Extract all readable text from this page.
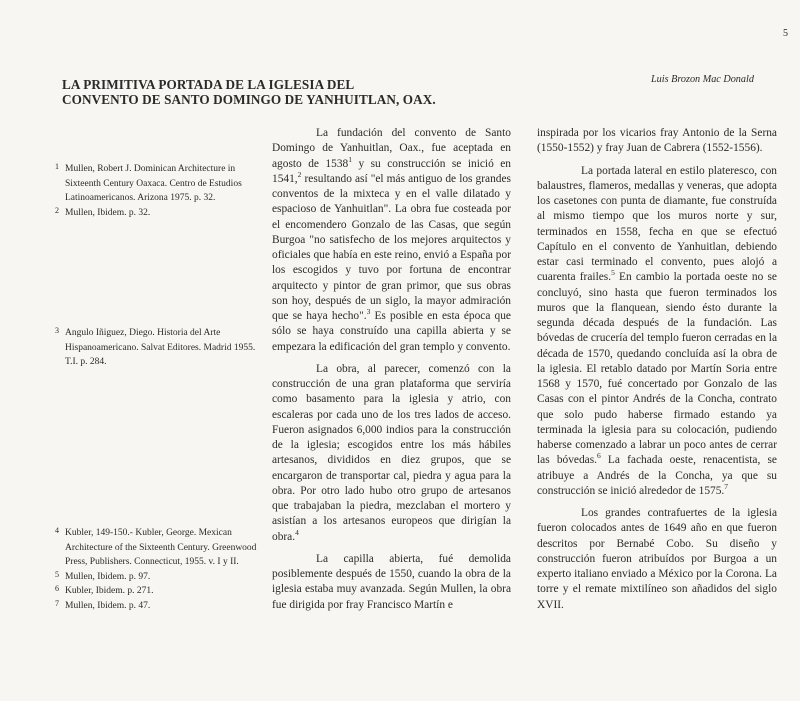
5
LA PRIMITIVA PORTADA DE LA IGLESIA DEL
CONVENTO DE SANTO DOMINGO DE YANHUITLAN, OAX.
Luis Brozon Mac Donald
1 Mullen, Robert J. Dominican Architecture in Sixteenth Century Oaxaca. Centro de Estudios Latinoamericanos. Arizona 1975. p. 32.
2 Mullen, Ibidem. p. 32.
3 Angulo Iñiguez, Diego. Historia del Arte Hispanoamericano. Salvat Editores. Madrid 1955. T.I. p. 284.
4 Kubler, 149-150.- Kubler, George. Mexican Architecture of the Sixteenth Century. Greenwood Press, Publishers. Connecticut, 1955. v. I y II.
5 Mullen, Ibidem. p. 97.
6 Kubler, Ibidem. p. 271.
7 Mullen, Ibidem. p. 47.

La fundación del convento de Santo Domingo de Yanhuitlan, Oax., fue aceptada en agosto de 1538$^1$ y su construcción se inició en 1541,$^2$ resultando así "el más antiguo de los grandes conventos de la mixteca y en el valle dilatado y espacioso de Yanhuitlan". La obra fue costeada por el encomendero Gonzalo de las Casas, que según Burgoa "no satisfecho de los mejores arquitectos y oficiales que había en este reino, envió a España por los escogidos y tuvo por fortuna de encontrar arquitecto y pintor de gran primor, que sus obras son hoy, después de un siglo, la mayor admiración que se haya hecho".$^3$ Es posible en esta época que sólo se haya construído una capilla abierta y se empezara la edificación del gran templo y convento.

La obra, al parecer, comenzó con la construcción de una gran plataforma que serviría como basamento para la iglesia y atrio, con escaleras por cada uno de los tres lados de acceso. Fueron asignados 6,000 indios para la construcción de la iglesia; escogidos entre los más hábiles artesanos, divididos en diez grupos, que se encargaron de transportar cal, piedra y agua para la obra. Por otro lado hubo otro grupo de artesanos que trabajaban la piedra, mezclaban el mortero y asistían a los artesanos europeos que dirigían la obra.$^4$

La capilla abierta, fué demolida posiblemente después de 1550, cuando la obra de la iglesia estaba muy avanzada. Según Mullen, la obra fue dirigida por fray Francisco Martín e

inspirada por los vicarios fray Antonio de la Serna (1550-1552) y fray Juan de Cabrera (1552-1556).

La portada lateral en estilo plateresco, con balaustres, flameros, medallas y veneras, que adopta los casetones con punta de diamante, fue construída al mismo tiempo que los muros norte y sur, terminados en 1558, fecha en que se efectuó Capítulo en el convento de Yanhuitlan, debiendo estar casi terminado el convento, pues alojó a cuarenta frailes.$^5$ En cambio la portada oeste no se concluyó, sino hasta que fueron terminados los muros que la flanquean, siendo ésto durante la segunda década después de la fundación. Las bóvedas de crucería del templo fueron cerradas en la década de 1570, quedando concluída así la obra de la iglesia. El retablo datado por Martín Soria entre 1568 y 1570, fué concertado por Gonzalo de las Casas con el pintor Andrés de la Concha, contrato que solo pudo haberse firmado estando ya terminada la iglesia para su colocación, pudiendo haberse comenzado a labrar un poco antes de cerrar las bóvedas.$^6$ La fachada oeste, renacentista, se atribuye a Andrés de la Concha, ya que su construcción se inició alrededor de 1575.$^7$

Los grandes contrafuertes de la iglesia fueron colocados antes de 1649 año en que fueron descritos por Bernabé Cobo. Su diseño y construcción fueron atribuídos por Burgoa a un experto italiano enviado a México por la Corona. La torre y el remate mixtilíneo son añadidos del siglo XVII.
